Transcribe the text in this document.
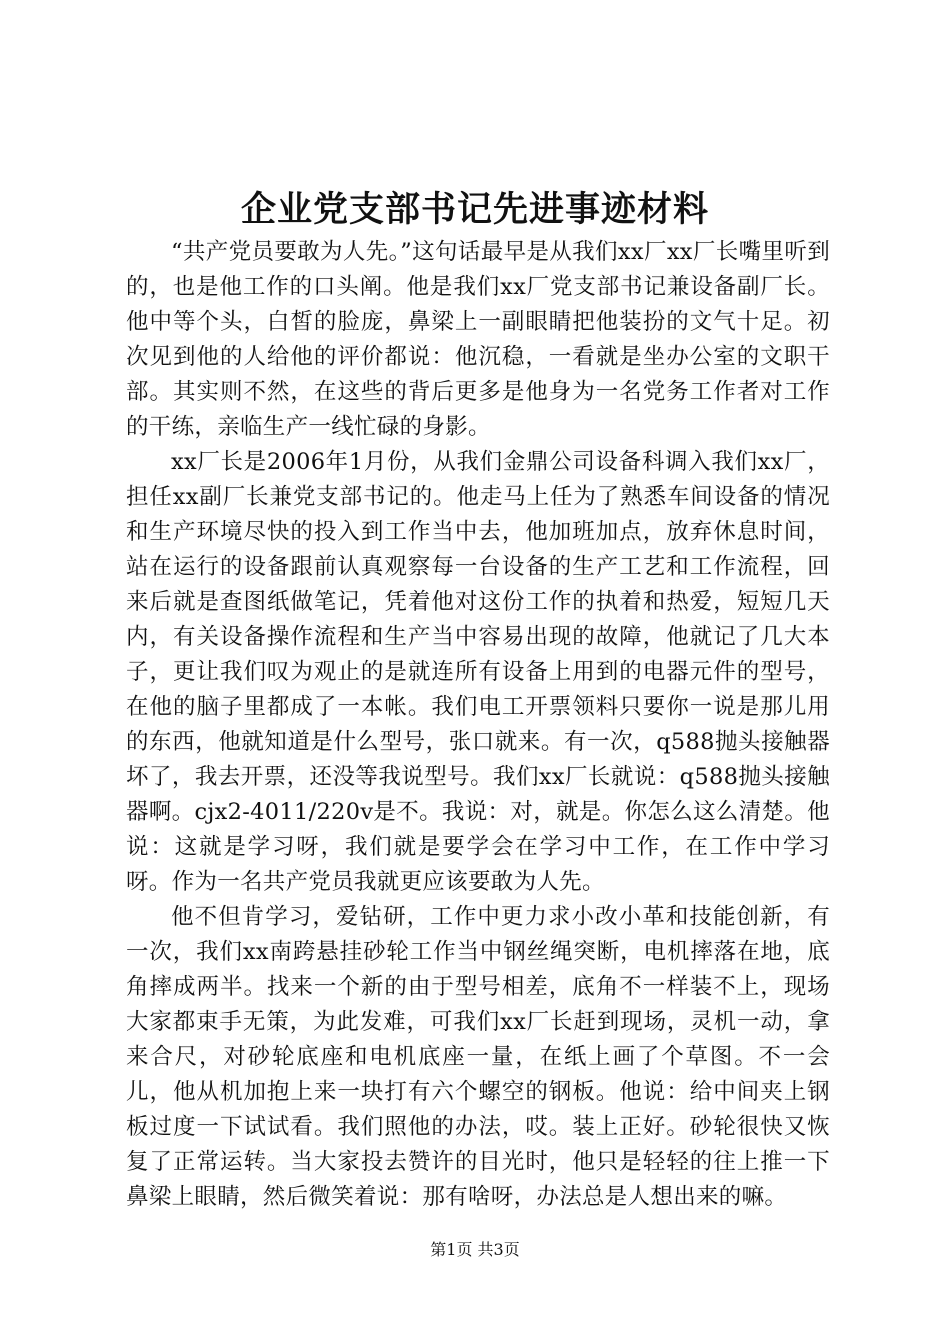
企业党支部书记先进事迹材料

“共产党员要敢为人先。”这句话最早是从我们xx厂xx厂长嘴里听到的，也是他工作的口头阐。他是我们xx厂党支部书记兼设备副厂长。他中等个头，白皙的脸庞，鼻梁上一副眼睛把他装扮的文气十足。初次见到他的人给他的评价都说：他沉稳，一看就是坐办公室的文职干部。其实则不然，在这些的背后更多是他身为一名党务工作者对工作的干练，亲临生产一线忙碌的身影。

xx厂长是2006年1月份，从我们金鼎公司设备科调入我们xx厂，担任xx副厂长兼党支部书记的。他走马上任为了熟悉车间设备的情况和生产环境尽快的投入到工作当中去，他加班加点，放弃休息时间，站在运行的设备跟前认真观察每一台设备的生产工艺和工作流程，回来后就是查图纸做笔记，凭着他对这份工作的执着和热爱，短短几天内，有关设备操作流程和生产当中容易出现的故障，他就记了几大本子，更让我们叹为观止的是就连所有设备上用到的电器元件的型号，在他的脑子里都成了一本帐。我们电工开票领料只要你一说是那儿用的东西，他就知道是什么型号，张口就来。有一次，q588抛头接触器坏了，我去开票，还没等我说型号。我们xx厂长就说：q588抛头接触器啊。cjx2-4011/220v是不。我说：对，就是。你怎么这么清楚。他说：这就是学习呀，我们就是要学会在学习中工作，在工作中学习呀。作为一名共产党员我就更应该要敢为人先。

他不但肯学习，爱钻研，工作中更力求小改小革和技能创新，有一次，我们xx南跨悬挂砂轮工作当中钢丝绳突断，电机摔落在地，底角摔成两半。找来一个新的由于型号相差，底角不一样装不上，现场大家都束手无策，为此发难，可我们xx厂长赶到现场，灵机一动，拿来合尺，对砂轮底座和电机底座一量，在纸上画了个草图。不一会儿，他从机加抱上来一块打有六个螺空的钢板。他说：给中间夹上钢板过度一下试试看。我们照他的办法，哎。装上正好。砂轮很快又恢复了正常运转。当大家投去赞许的目光时，他只是轻轻的往上推一下鼻梁上眼睛，然后微笑着说：那有啥呀，办法总是人想出来的嘛。

第1页 共3页
